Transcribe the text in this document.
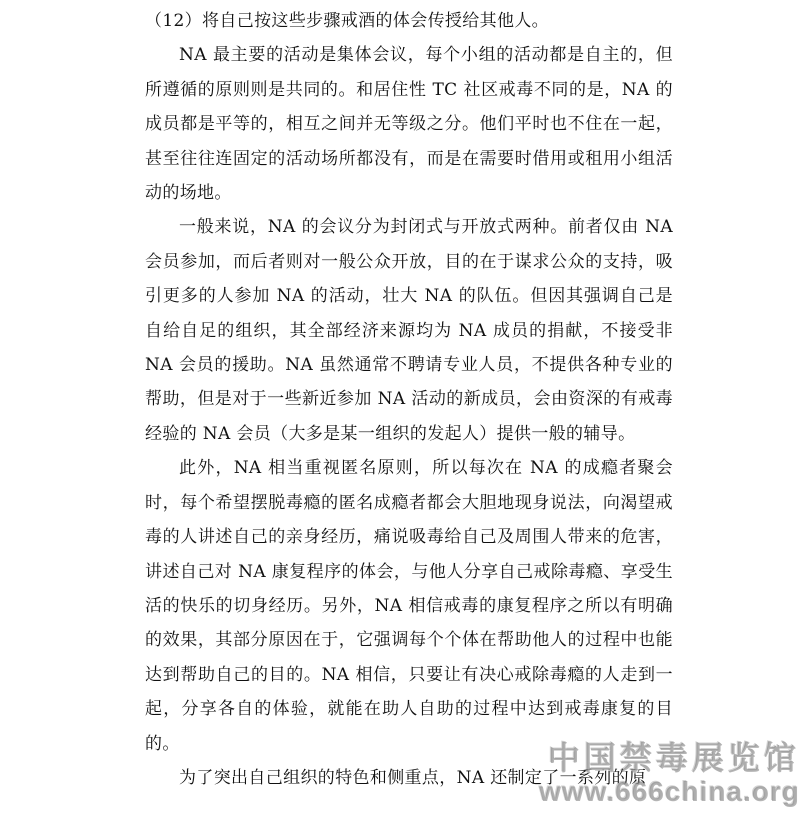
（12）将自己按这些步骤戒酒的体会传授给其他人。

NA 最主要的活动是集体会议，每个小组的活动都是自主的，但所遵循的原则则是共同的。和居住性 TC 社区戒毒不同的是，NA 的成员都是平等的，相互之间并无等级之分。他们平时也不住在一起，甚至往往连固定的活动场所都没有，而是在需要时借用或租用小组活动的场地。

一般来说，NA 的会议分为封闭式与开放式两种。前者仅由 NA 会员参加，而后者则对一般公众开放，目的在于谋求公众的支持，吸引更多的人参加 NA 的活动，壮大 NA 的队伍。但因其强调自己是自给自足的组织，其全部经济来源均为 NA 成员的捐献，不接受非 NA 会员的援助。NA 虽然通常不聘请专业人员，不提供各种专业的帮助，但是对于一些新近参加 NA 活动的新成员，会由资深的有戒毒经验的 NA 会员（大多是某一组织的发起人）提供一般的辅导。

此外，NA 相当重视匿名原则，所以每次在 NA 的成瘾者聚会时，每个希望摆脱毒瘾的匿名成瘾者都会大胆地现身说法，向渴望戒毒的人讲述自己的亲身经历，痛说吸毒给自己及周围人带来的危害，讲述自己对 NA 康复程序的体会，与他人分享自己戒除毒瘾、享受生活的快乐的切身经历。另外，NA 相信戒毒的康复程序之所以有明确的效果，其部分原因在于，它强调每个个体在帮助他人的过程中也能达到帮助自己的目的。NA 相信，只要让有决心戒除毒瘾的人走到一起，分享各自的体验，就能在助人自助的过程中达到戒毒康复的目的。

为了突出自己组织的特色和侧重点，NA 还制定了一系列的原

中国禁毒展览馆
www.666china.org
